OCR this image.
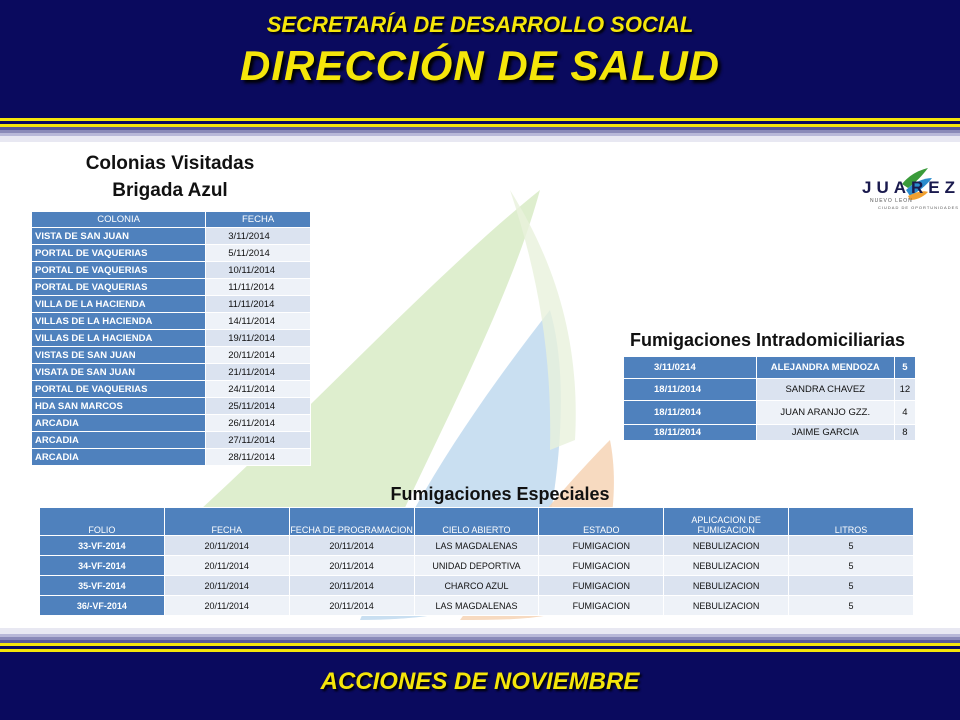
SECRETARÍA DE DESARROLLO SOCIAL
DIRECCIÓN DE SALUD
JUAREZ
NUEVO LEON
CIUDAD DE OPORTUNIDADES
Colonias Visitadas
Brigada Azul
COLONIA	FECHA
VISTA DE SAN JUAN	3/11/2014
PORTAL DE VAQUERIAS	5/11/2014
PORTAL DE VAQUERIAS	10/11/2014
PORTAL DE VAQUERIAS	11/11/2014
VILLA DE LA HACIENDA	11/11/2014
VILLAS DE LA HACIENDA	14/11/2014
VILLAS DE LA HACIENDA	19/11/2014
VISTAS DE SAN JUAN	20/11/2014
VISATA DE SAN JUAN	21/11/2014
PORTAL DE VAQUERIAS	24/11/2014
HDA SAN MARCOS	25/11/2014
ARCADIA	26/11/2014
ARCADIA	27/11/2014
ARCADIA	28/11/2014
Fumigaciones Intradomiciliarias
3/11/0214	ALEJANDRA MENDOZA	5
18/11/2014	SANDRA CHAVEZ	12
18/11/2014	JUAN ARANJO GZZ.	4
18/11/2014	JAIME GARCIA	8
Fumigaciones Especiales
FOLIO	FECHA	FECHA DE PROGRAMACION	CIELO ABIERTO	ESTADO	APLICACION DE FUMIGACION	LITROS
33-VF-2014	20/11/2014	20/11/2014	LAS MAGDALENAS	FUMIGACION	NEBULIZACION	5
34-VF-2014	20/11/2014	20/11/2014	UNIDAD DEPORTIVA	FUMIGACION	NEBULIZACION	5
35-VF-2014	20/11/2014	20/11/2014	CHARCO AZUL	FUMIGACION	NEBULIZACION	5
36/-VF-2014	20/11/2014	20/11/2014	LAS MAGDALENAS	FUMIGACION	NEBULIZACION	5
ACCIONES DE NOVIEMBRE
